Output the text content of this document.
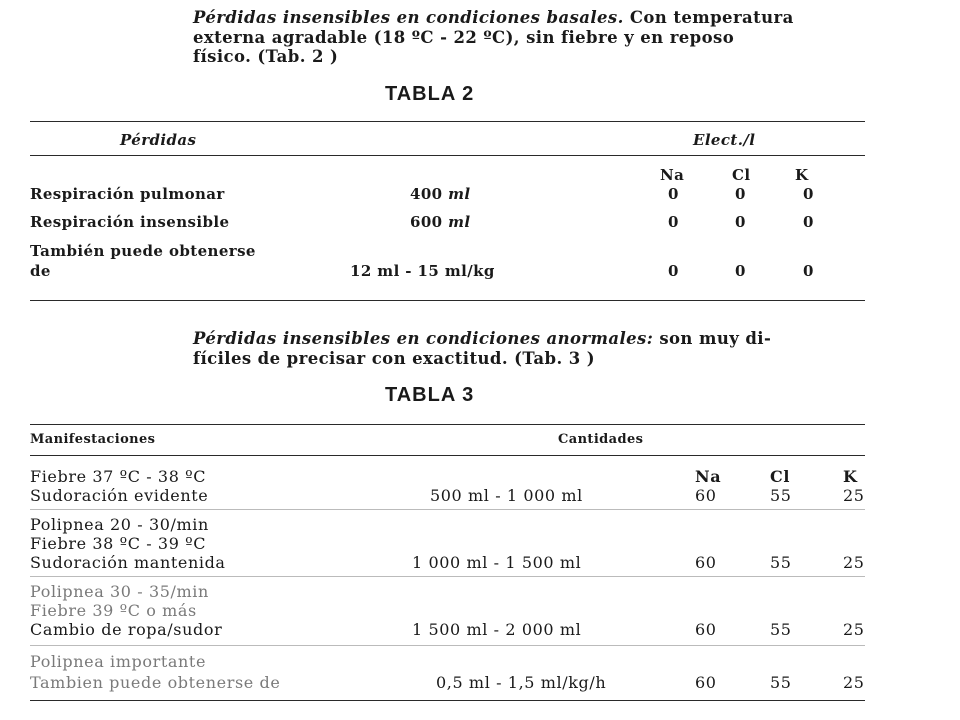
Pérdidas insensibles en condiciones basales. Con temperatura
externa agradable (18 ºC - 22 ºC), sin fiebre y en reposo
físico. (Tab. 2 )
TABLA 2
Pérdidas	Elect./l
Na	Cl	K
Respiración pulmonar	400 ml	0	0	0
Respiración insensible	600 ml	0	0	0
También puede obtenerse
de	12 ml - 15 ml/kg	0	0	0
Pérdidas insensibles en condiciones anormales: son muy di-
fíciles de precisar con exactitud. (Tab. 3 )
TABLA 3
Manifestaciones	Cantidades
Na	Cl	K
Fiebre 37 ºC - 38 ºC
Sudoración evidente	500 ml - 1 000 ml	60	55	25
Polipnea 20 - 30/min
Fiebre 38 ºC - 39 ºC
Sudoración mantenida	1 000 ml - 1 500 ml	60	55	25
Polipnea 30 - 35/min
Fiebre 39 ºC o más
Cambio de ropa/sudor	1 500 ml - 2 000 ml	60	55	25
Polipnea importante
Tambien puede obtenerse de	0,5 ml - 1,5 ml/kg/h	60	55	25
